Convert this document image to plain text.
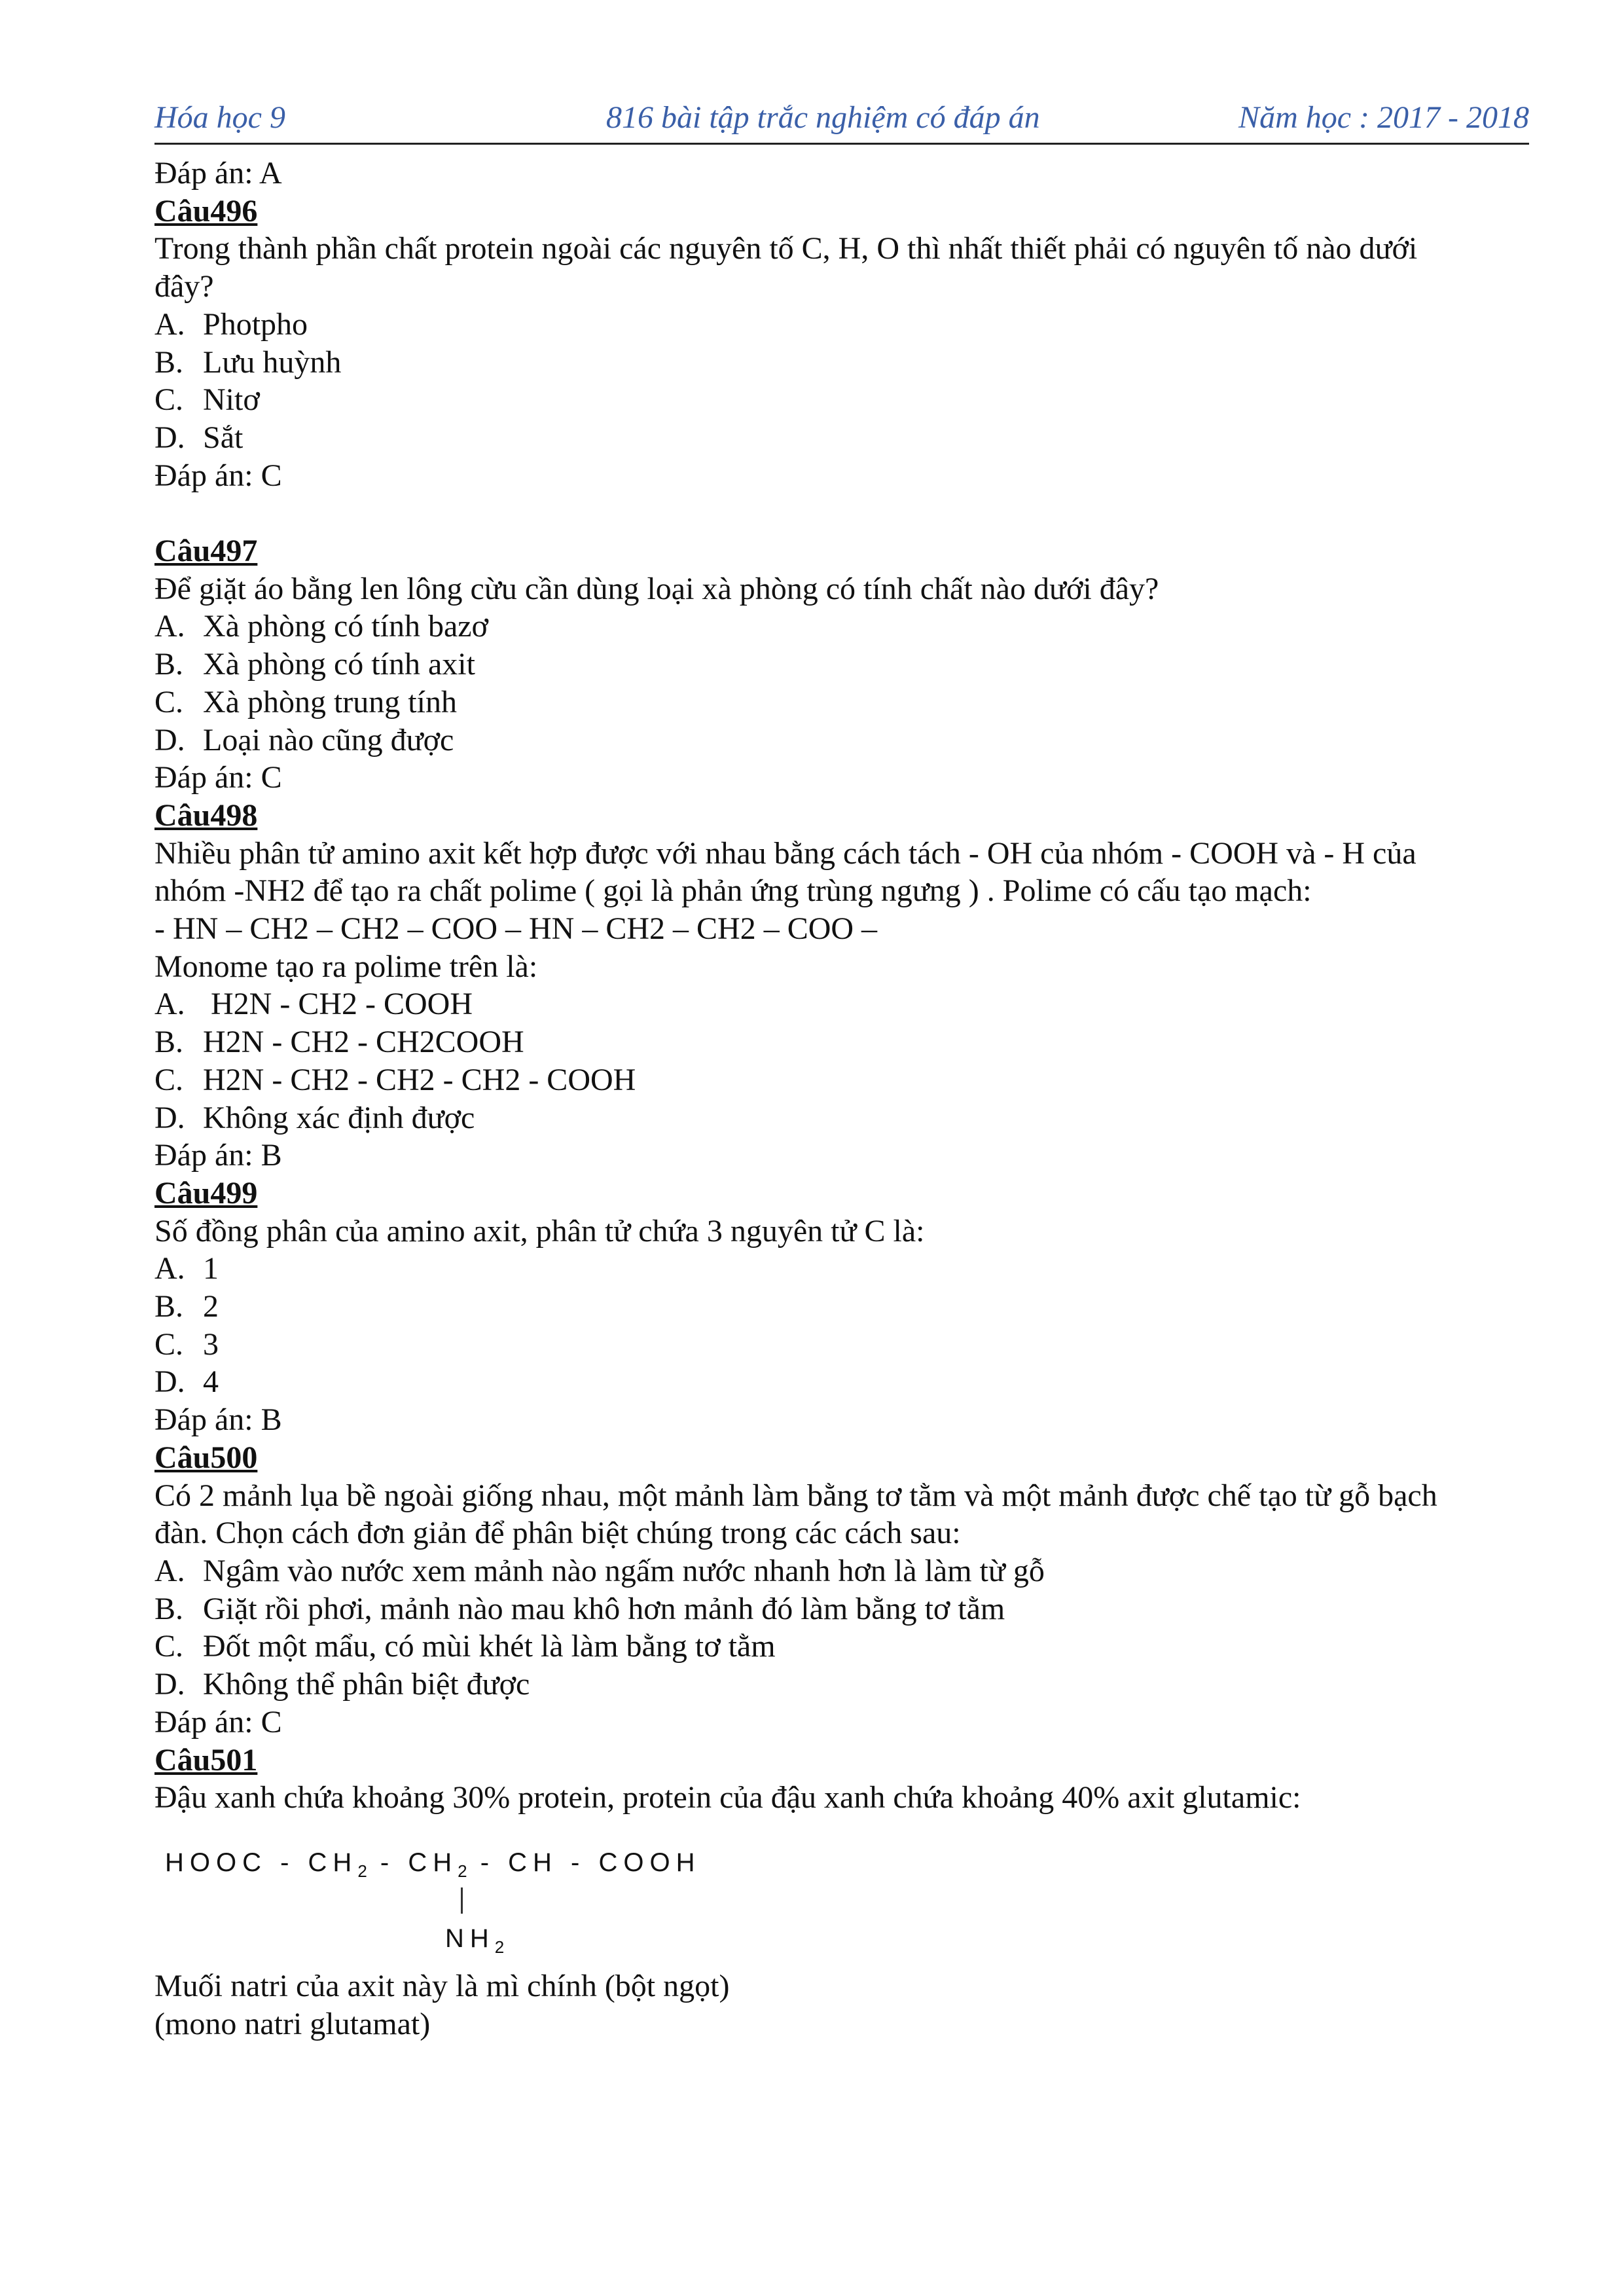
Hóa học 9	816 bài tập trắc nghiệm có đáp án	Năm học : 2017 - 2018
Đáp án: A
Câu496
Trong thành phần chất protein ngoài các nguyên tố C, H, O thì nhất thiết phải có nguyên tố nào dưới
đây?
A. Photpho
B. Lưu huỳnh
C. Nitơ
D. Sắt
Đáp án: C
Câu497
Để giặt áo bằng len lông cừu cần dùng loại xà phòng có tính chất nào dưới đây?
A. Xà phòng có tính bazơ
B. Xà phòng có tính axit
C. Xà phòng trung tính
D. Loại nào cũng được
Đáp án: C
Câu498
Nhiều phân tử amino axit kết hợp được với nhau bằng cách tách - OH của nhóm - COOH và - H của
nhóm -NH2 để tạo ra chất polime ( gọi là phản ứng trùng ngưng ) . Polime có cấu tạo mạch:
- HN – CH2 – CH2 – COO – HN – CH2 – CH2 – COO –
Monome tạo ra polime trên là:
A. H2N - CH2 - COOH
B. H2N - CH2 - CH2COOH
C. H2N - CH2 - CH2 - CH2 - COOH
D. Không xác định được
Đáp án: B
Câu499
Số đồng phân của amino axit, phân tử chứa 3 nguyên tử C là:
A. 1
B. 2
C. 3
D. 4
Đáp án: B
Câu500
Có 2 mảnh lụa bề ngoài giống nhau, một mảnh làm bằng tơ tằm và một mảnh được chế tạo từ gỗ bạch
đàn. Chọn cách đơn giản để phân biệt chúng trong các cách sau:
A. Ngâm vào nước xem mảnh nào ngấm nước nhanh hơn là làm từ gỗ
B. Giặt rồi phơi, mảnh nào mau khô hơn mảnh đó làm bằng tơ tằm
C. Đốt một mẩu, có mùi khét là làm bằng tơ tằm
D. Không thể phân biệt được
Đáp án: C
Câu501
Đậu xanh chứa khoảng 30% protein, protein của đậu xanh chứa khoảng 40% axit glutamic:
HOOC - $CH_2 - CH_2$ - CH - COOH
$NH_2$
Muối natri của axit này là mì chính (bột ngọt)
(mono natri glutamat)
